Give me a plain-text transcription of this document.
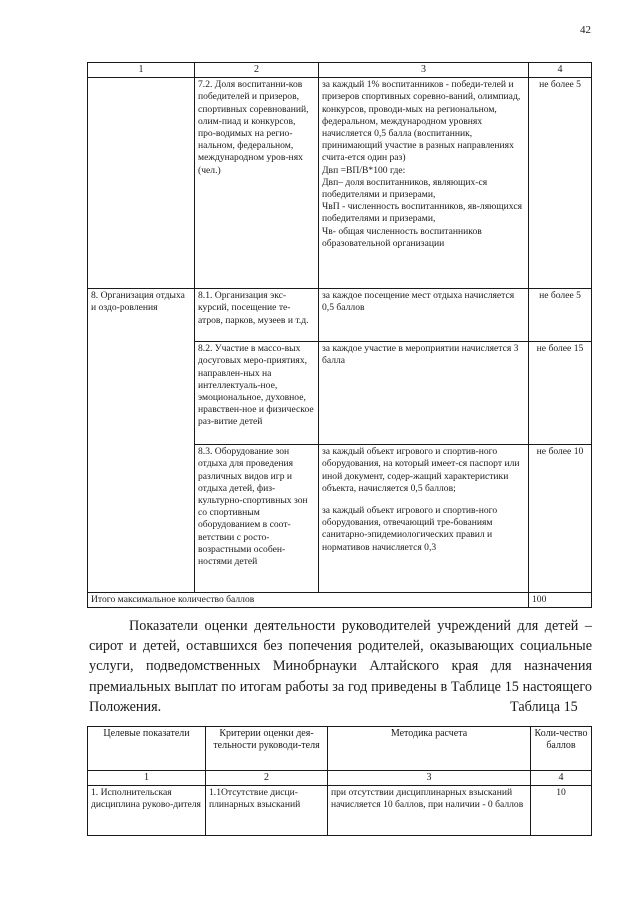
42
1	2	3	4
	7.2. Доля воспитанни-ков победителей и призеров, спортивных соревнований, олим-пиад и конкурсов, про-водимых на регио-нальном, федеральном, международном уров-нях (чел.)	за каждый 1% воспитанников - победи-телей и призеров спортивных соревно-ваний, олимпиад, конкурсов, проводи-мых на региональном, федеральном, международном уровнях начисляется 0,5 балла (воспитанник, принимающий участие в разных направлениях счита-ется один раз)
Двп =ВП/В*100 где:
Двп– доля воспитанников, являющих-ся победителями и призерами,
ЧвП - численность воспитанников, яв-ляющихся победителями и призерами,
Чв- общая численность воспитанников образовательной организации	не более 5
8. Организация отдыха и оздо-ровления	8.1. Организация экс-курсий, посещение те-атров, парков, музеев и т.д.	за каждое посещение мест отдыха начисляется 0,5 баллов	не более 5
	8.2. Участие в массо-вых досуговых меро-приятиях, направлен-ных на интеллектуаль-ное, эмоциональное, духовное, нравствен-ное и физическое раз-витие детей	за каждое участие в мероприятии начисляется 3 балла	не более 15
	8.3. Оборудование зон отдыха для проведения различных видов игр и отдыха детей, физ-культурно-спортивных зон со спортивным оборудованием в соот-ветствии с росто-возрастными особен-ностями детей	за каждый объект игрового и спортив-ного оборудования, на который имеет-ся паспорт или иной документ, содер-жащий характеристики объекта, начисляется 0,5 баллов;
за каждый объект игрового и спортив-ного оборудования, отвечающий тре-бованиям санитарно-эпидемиологических правил и нормативов начисляется 0,3	не более 10
Итого максимальное количество баллов			100

Показатели оценки деятельности руководителей учреждений для детей – сирот и детей, оставшихся без попечения родителей, оказывающих социальные услуги, подведомственных Минобрнауки Алтайского края для назначения премиальных выплат по итогам работы за год приведены в Таблице 15 настоящего Положения.	Таблица 15
Целевые показатели	Критерии оценки дея-тельности руководи-теля	Методика расчета	Коли-чество баллов
1	2	3	4
1. Исполнительская дисциплина руково-дителя	1.1Отсутствие дисци-плинарных взысканий	при отсутствии дисциплинарных взысканий начисляется 10 баллов, при наличии - 0 баллов	10
